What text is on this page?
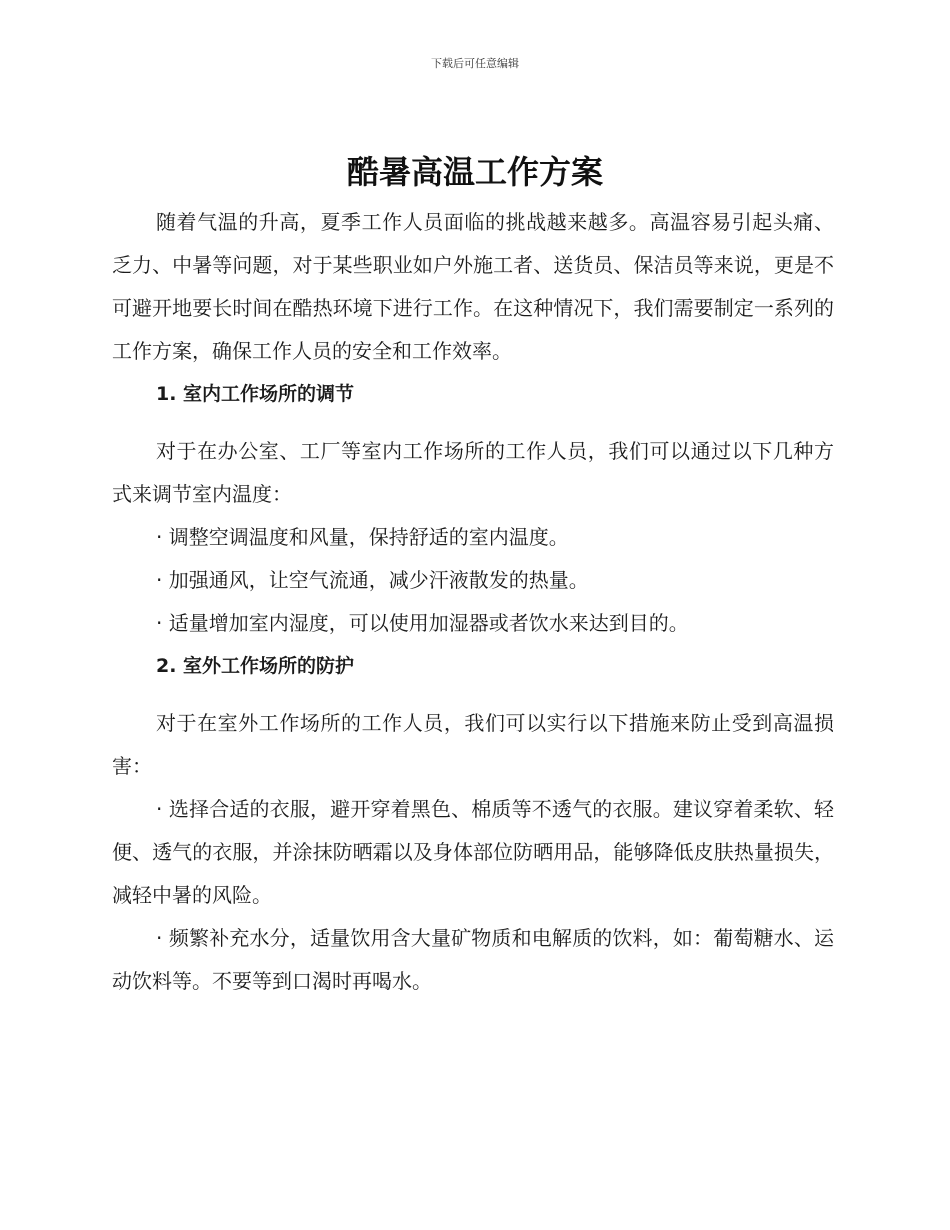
下载后可任意编辑
酷暑高温工作方案

随着气温的升高，夏季工作人员面临的挑战越来越多。高温容易引起头痛、乏力、中暑等问题，对于某些职业如户外施工者、送货员、保洁员等来说，更是不可避开地要长时间在酷热环境下进行工作。在这种情况下，我们需要制定一系列的工作方案，确保工作人员的安全和工作效率。

1. 室内工作场所的调节

对于在办公室、工厂等室内工作场所的工作人员，我们可以通过以下几种方式来调节室内温度：

· 调整空调温度和风量，保持舒适的室内温度。

· 加强通风，让空气流通，减少汗液散发的热量。

· 适量增加室内湿度，可以使用加湿器或者饮水来达到目的。

2. 室外工作场所的防护

对于在室外工作场所的工作人员，我们可以实行以下措施来防止受到高温损害：

· 选择合适的衣服，避开穿着黑色、棉质等不透气的衣服。建议穿着柔软、轻便、透气的衣服，并涂抹防晒霜以及身体部位防晒用品，能够降低皮肤热量损失，减轻中暑的风险。

· 频繁补充水分，适量饮用含大量矿物质和电解质的饮料，如：葡萄糖水、运动饮料等。不要等到口渴时再喝水。
